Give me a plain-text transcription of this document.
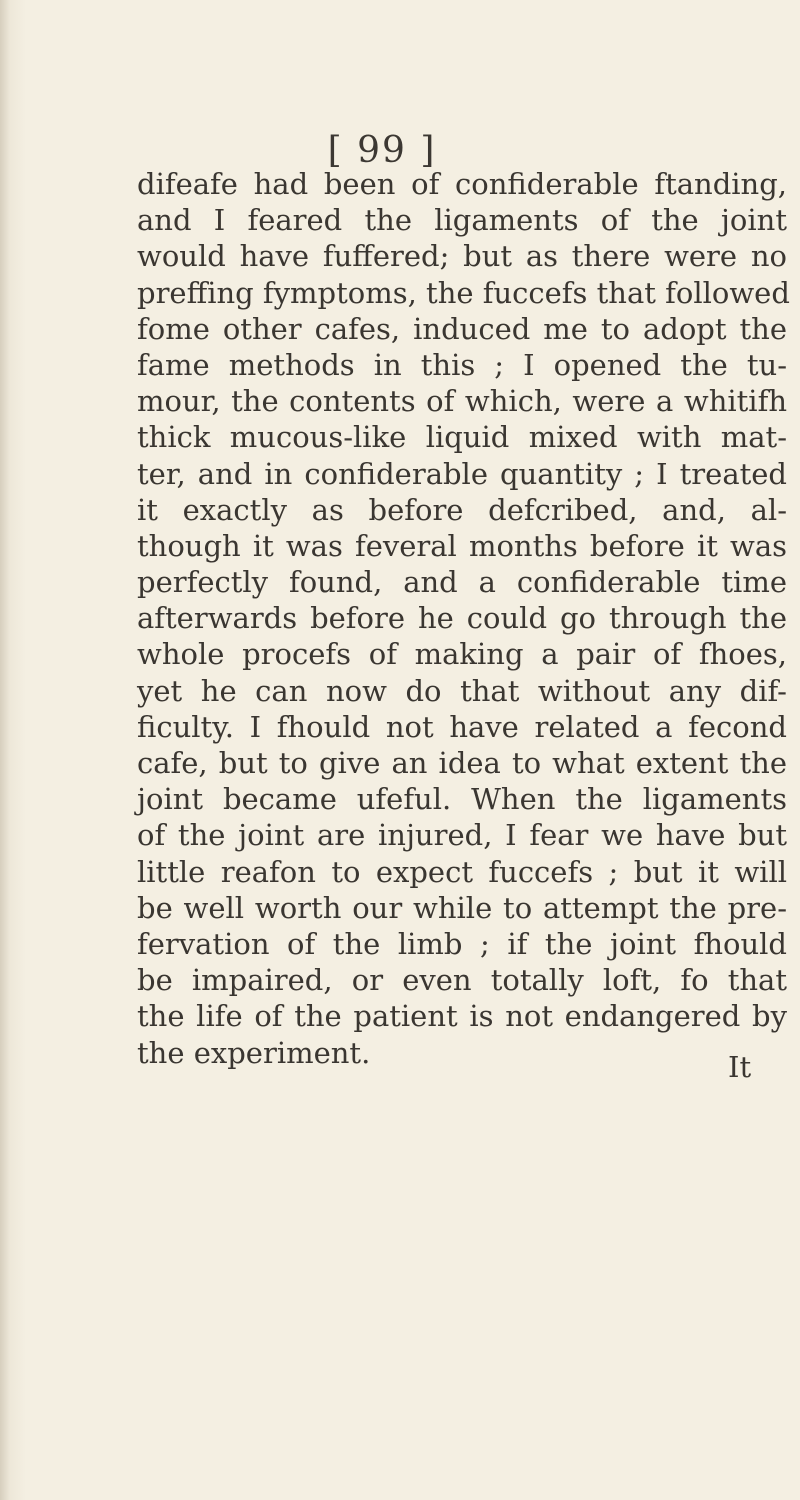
[ 99 ]
difeafe had been of confiderable ftanding,
and I feared the ligaments of the joint
would have fuffered; but as there were no
preffing fymptoms, the fuccefs that followed
fome other cafes, induced me to adopt the
fame methods in this ; I opened the tu-
mour, the contents of which, were a whitifh
thick mucous-like liquid mixed with mat-
ter, and in confiderable quantity ; I treated
it exactly as before defcribed, and, al-
though it was feveral months before it was
perfectly found, and a confiderable time
afterwards before he could go through the
whole procefs of making a pair of fhoes,
yet he can now do that without any dif-
ficulty. I fhould not have related a fecond
cafe, but to give an idea to what extent the
joint became ufeful. When the ligaments
of the joint are injured, I fear we have but
little reafon to expect fuccefs ; but it will
be well worth our while to attempt the pre-
fervation of the limb ; if the joint fhould
be impaired, or even totally loft, fo that
the life of the patient is not endangered by
the experiment.	It
